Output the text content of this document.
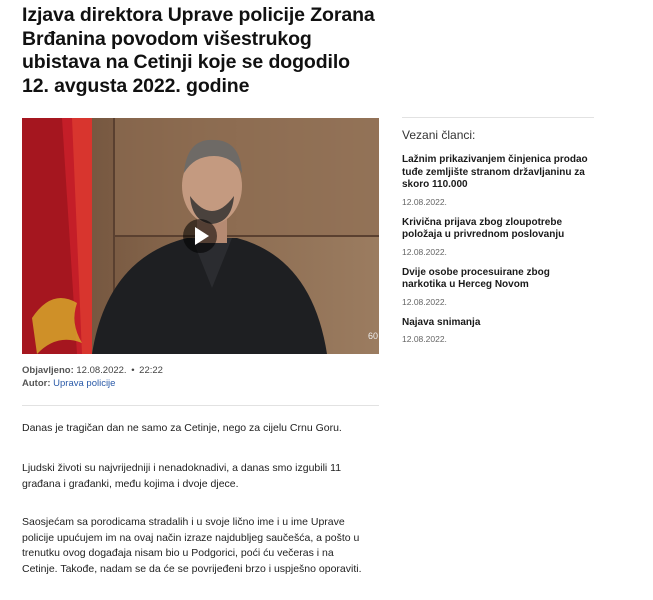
Izjava direktora Uprave policije Zorana Brđanina povodom višestrukog ubistava na Cetinji koje se dogodilo 12. avgusta 2022. godine
60
Objavljeno: 12.08.2022. • 22:22
Autor: Uprava policije

Danas je tragičan dan ne samo za Cetinje, nego za cijelu Crnu Goru.

Ljudski životi su najvrijedniji i nenadoknadivi, a danas smo izgubili 11 građana i građanki, među kojima i dvoje djece.

Saosjećam sa porodicama stradalih i u svoje lično ime i u ime Uprave policije upućujem im na ovaj način izraze najdubljeg saučešća, a pošto u trenutku ovog događaja nisam bio u Podgorici, poći ću večeras i na Cetinje. Takođe, nadam se da će se povrijeđeni brzo i uspješno oporaviti.

Vezani članci:
Lažnim prikazivanjem činjenica prodao tuđe zemljište stranom državljaninu za skoro 110.000
12.08.2022.
Krivična prijava zbog zloupotrebe položaja u privrednom poslovanju
12.08.2022.
Dvije osobe procesuirane zbog narkotika u Herceg Novom
12.08.2022.
Najava snimanja
12.08.2022.
